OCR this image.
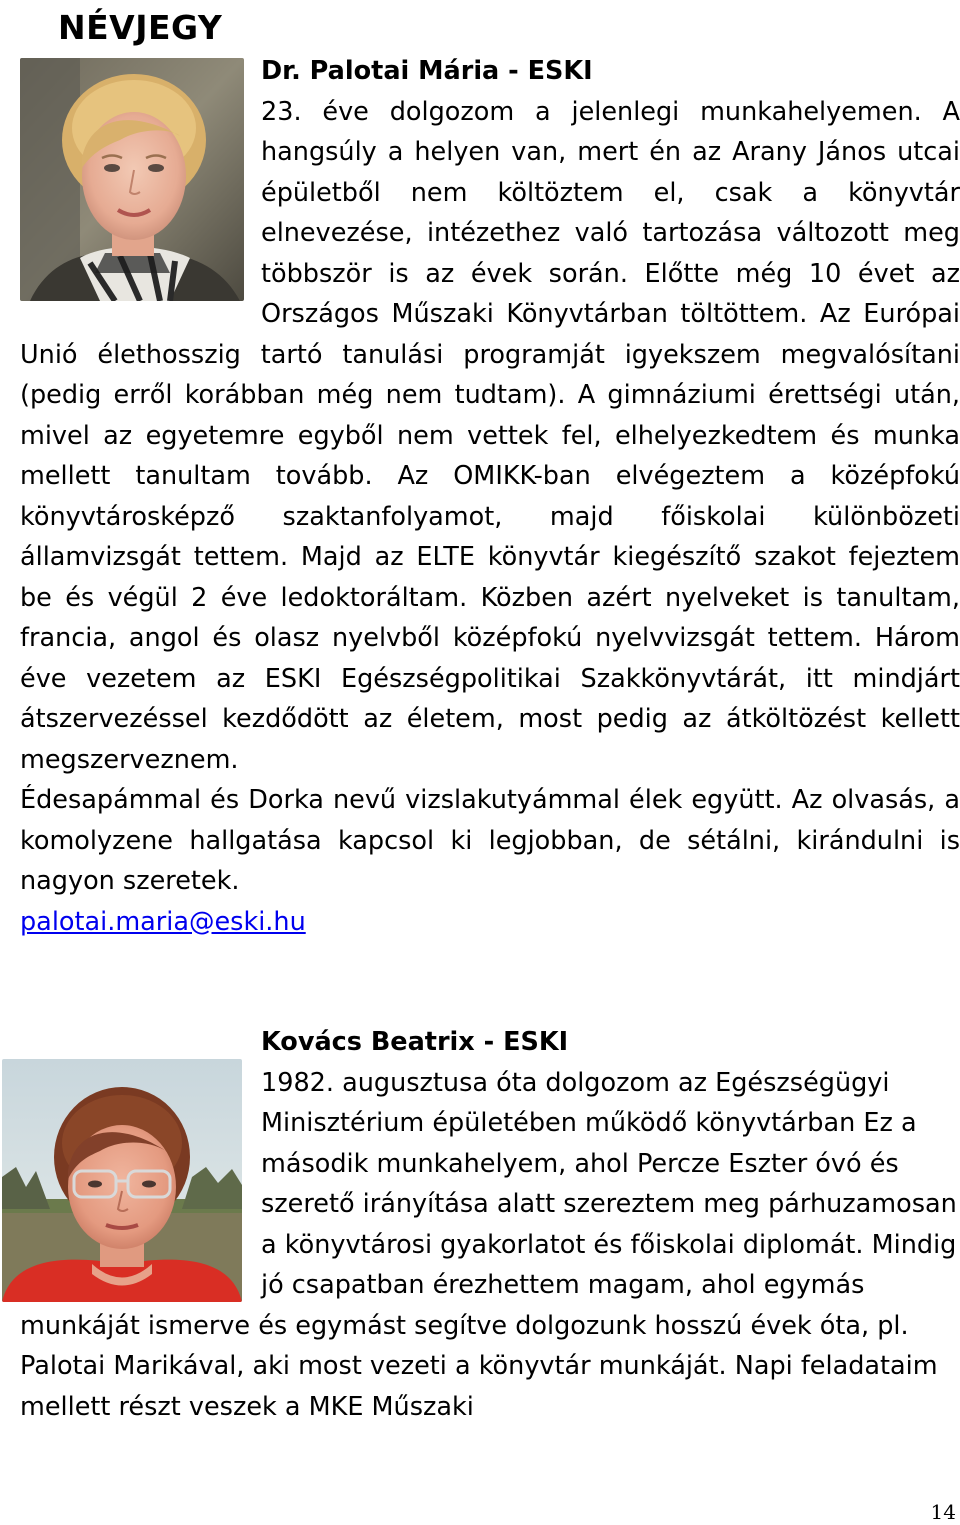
NÉVJEGY
Dr. Palotai Mária - ESKI
23. éve dolgozom a jelenlegi munkahelyemen. A hangsúly a helyen van, mert én az Arany János utcai épületből nem költöztem el, csak a könyvtár elnevezése, intézethez való tartozása változott meg többször is az évek során. Előtte még 10 évet az Országos Műszaki Könyvtárban töltöttem. Az Európai Unió élethosszig tartó tanulási programját igyekszem megvalósítani (pedig erről korábban még nem tudtam). A gimnáziumi érettségi után, mivel az egyetemre egyből nem vettek fel, elhelyezkedtem és munka mellett tanultam tovább. Az OMIKK-ban elvégeztem a középfokú könyvtárosképző szaktanfolyamot, majd főiskolai különbözeti államvizsgát tettem. Majd az ELTE könyvtár kiegészítő szakot fejeztem be és végül 2 éve ledoktoráltam. Közben azért nyelveket is tanultam, francia, angol és olasz nyelvből középfokú nyelvvizsgát tettem. Három éve vezetem az ESKI Egészségpolitikai Szakkönyvtárát, itt mindjárt átszervezéssel kezdődött az életem, most pedig az átköltözést kellett megszerveznem.
Édesapámmal és Dorka nevű vizslakutyámmal élek együtt. Az olvasás, a komolyzene hallgatása kapcsol ki legjobban, de sétálni, kirándulni is nagyon szeretek.
palotai.maria@eski.hu
Kovács Beatrix - ESKI
1982. augusztusa óta dolgozom az Egészségügyi Minisztérium épületében működő könyvtárban Ez a második munkahelyem, ahol Percze Eszter óvó és szerető irányítása alatt szereztem meg párhuzamosan a könyvtárosi gyakorlatot és főiskolai diplomát. Mindig jó csapatban érezhettem magam, ahol egymás munkáját ismerve és egymást segítve dolgozunk hosszú évek óta, pl. Palotai Marikával, aki most vezeti a könyvtár munkáját. Napi feladataim mellett részt veszek a MKE Műszaki
14
